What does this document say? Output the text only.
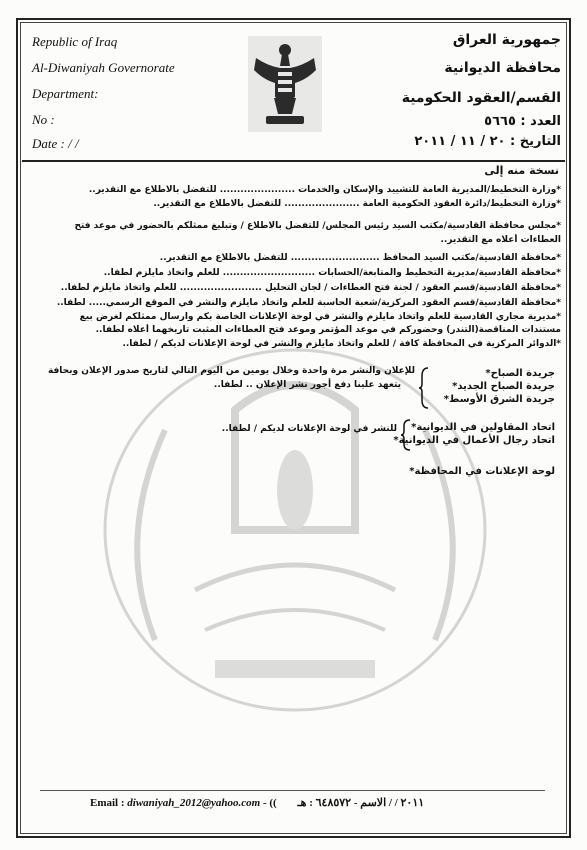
Republic of Iraq
Al-Diwaniyah Governorate
Department:
No :
Date : / /
جمهورية العراق
محافظة الديوانية
القسم/العقود الحكومية
العدد : ٥٦٦٥
التاريخ : ٢٠ / ١١ / ٢٠١١
نسخة منه إلى
*وزارة التخطيط/المديرية العامة للتشييد والإسكان والخدمات ...................... للتفضل بالاطلاع مع التقدير..
*وزارة التخطيط/دائرة العقود الحكومية العامة ...................... للتفضل بالاطلاع مع التقدير..
*مجلس محافظة القادسية/مكتب السيد رئيس المجلس/ للتفضل بالاطلاع / وتبليغ ممثلكم بالحضور في موعد فتح
العطاءات أعلاه مع التقدير..
*محافظة القادسية/مكتب السيد المحافظ .......................... للتفضل بالاطلاع مع التقدير..
*محافظة القادسية/مديرية التخطيط والمتابعة/الحسابات ........................... للعلم واتخاذ مايلزم لطفا..
*محافظة القادسية/قسم العقود / لجنة فتح العطاءات / لجان التحليل ........................ للعلم واتخاذ مايلزم لطفا..
*محافظة القادسية/قسم العقود المركزية/شعبة الحاسبة للعلم واتخاذ مايلزم والنشر في الموقع الرسمي..... لطفا..
*مديرية مجاري القادسية للعلم واتخاذ مايلزم والنشر في لوحة الإعلانات الخاصة بكم وارسال ممثلكم لغرض بيع
مستندات المناقصة(التندر) وحضوركم في موعد المؤتمر وموعد فتح العطاءات المثبت تاريخهما أعلاه لطفا..
*الدوائر المركزية في المحافظة كافة / للعلم واتخاذ مايلزم والنشر في لوحة الإعلانات لديكم / لطفا..
جريدة الصباح*
جريدة الصباح الجديد*
جريدة الشرق الأوسط*
للإعلان والنشر مرة واحدة وخلال يومين من اليوم التالي لتاريخ صدور الإعلان وبحافة
يتعهد علينا دفع أجور نشر الإعلان .. لطفا..
اتحاد المقاولين في الديوانية*
اتحاد رجال الأعمال في الديوانية*
للنشر في لوحة الإعلانات لديكم / لطفا..
لوحة الإعلانات في المحافظة*
Email : diwaniyah_2012@yahoo.com - (( ٢٠١١ / / الاسم - ٦٤٨٥٧٢ : هـ
